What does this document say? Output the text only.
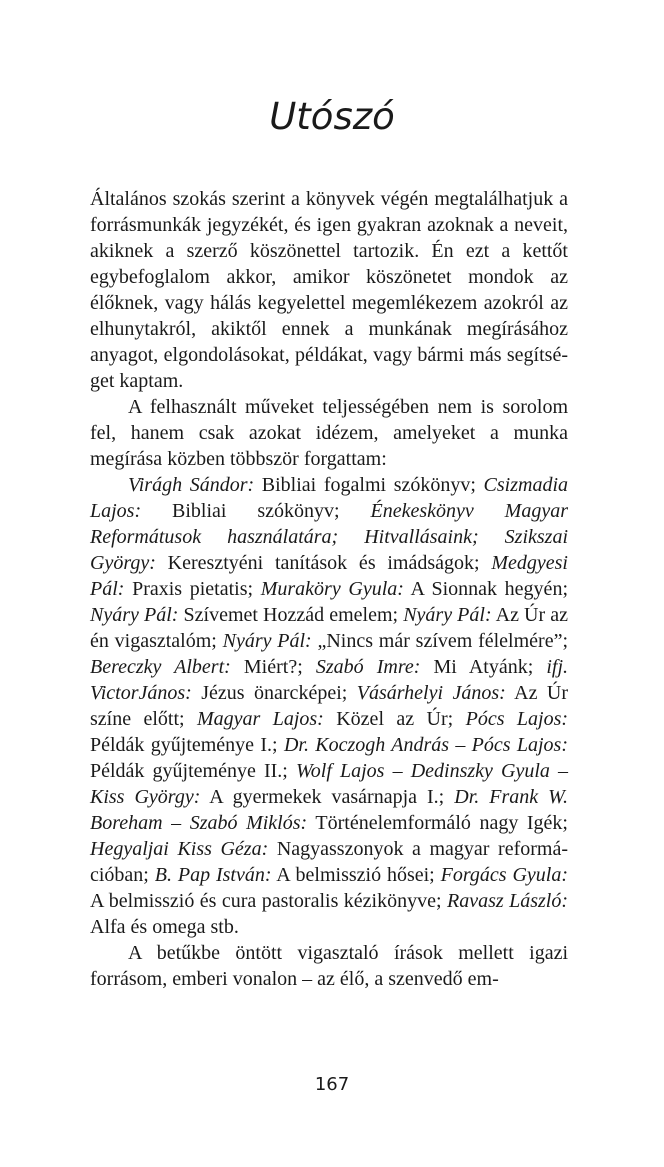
Utószó

Általános szokás szerint a könyvek végén megtalálhatjuk a forrásmunkák jegyzékét, és igen gyakran azoknak a neveit, akiknek a szerző köszönettel tartozik. Én ezt a kettőt egybefoglalom akkor, amikor köszönetet mondok az élőknek, vagy hálás kegyelettel megemlékezem azokról az elhunytakról, akiktől ennek a munkának megírásához anyagot, elgondolásokat, példákat, vagy bármi más segítséget kaptam.

A felhasznált műveket teljességében nem is sorolom fel, hanem csak azokat idézem, amelyeket a munka megírása közben többször forgattam:

Virágh Sándor: Bibliai fogalmi szókönyv; Csizmadia Lajos: Bibliai szókönyv; Énekeskönyv Magyar Reformátusok használatára; Hitvallásaink; Szikszai György: Keresztyéni tanítások és imádságok; Medgyesi Pál: Praxis pietatis; Muraköry Gyula: A Sionnak hegyén; Nyáry Pál: Szívemet Hozzád emelem; Nyáry Pál: Az Úr az én vigasztalóm; Nyáry Pál: „Nincs már szívem félelmére”; Bereczky Albert: Miért?; Szabó Imre: Mi Atyánk; ifj. VictorJános: Jézus önarcképei; Vásárhelyi János: Az Úr színe előtt; Magyar Lajos: Közel az Úr; Pócs Lajos: Példák gyűjteménye I.; Dr. Koczogh András – Pócs Lajos: Példák gyűjteménye II.; Wolf Lajos – Dedinszky Gyula – Kiss György: A gyermekek vasárnapja I.; Dr. Frank W. Boreham – Szabó Miklós: Történelemformáló nagy Igék; Hegyaljai Kiss Géza: Nagyasszonyok a magyar reformációban; B. Pap István: A belmisszió hősei; Forgács Gyula: A belmisszió és cura pastoralis kézikönyve; Ravasz László: Alfa és omega stb.

A betűkbe öntött vigasztaló írások mellett igazi forrásom, emberi vonalon – az élő, a szenvedő em-

167
